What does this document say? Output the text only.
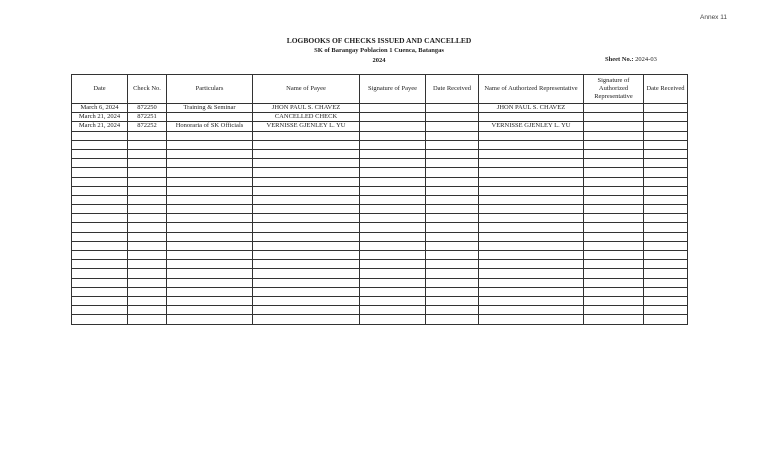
Annex 11
LOGBOOKS OF CHECKS ISSUED AND CANCELLED
SK of Barangay Poblacion 1 Cuenca, Batangas
2024	Sheet No.: 2024-03
Date	Check No.	Particulars	Name of Payee	Signature of Payee	Date Received	Name of Authorized Representative	Signature of Authorized Representative	Date Received
March 6, 2024	872250	Training & Seminar	JHON PAUL S. CHAVEZ			JHON PAUL S. CHAVEZ		
March 21, 2024	872251		CANCELLED CHECK					
March 21, 2024	872252	Honoraria of SK Officials	VERNISSE GJENLEY L. YU			VERNISSE GJENLEY L. YU		
